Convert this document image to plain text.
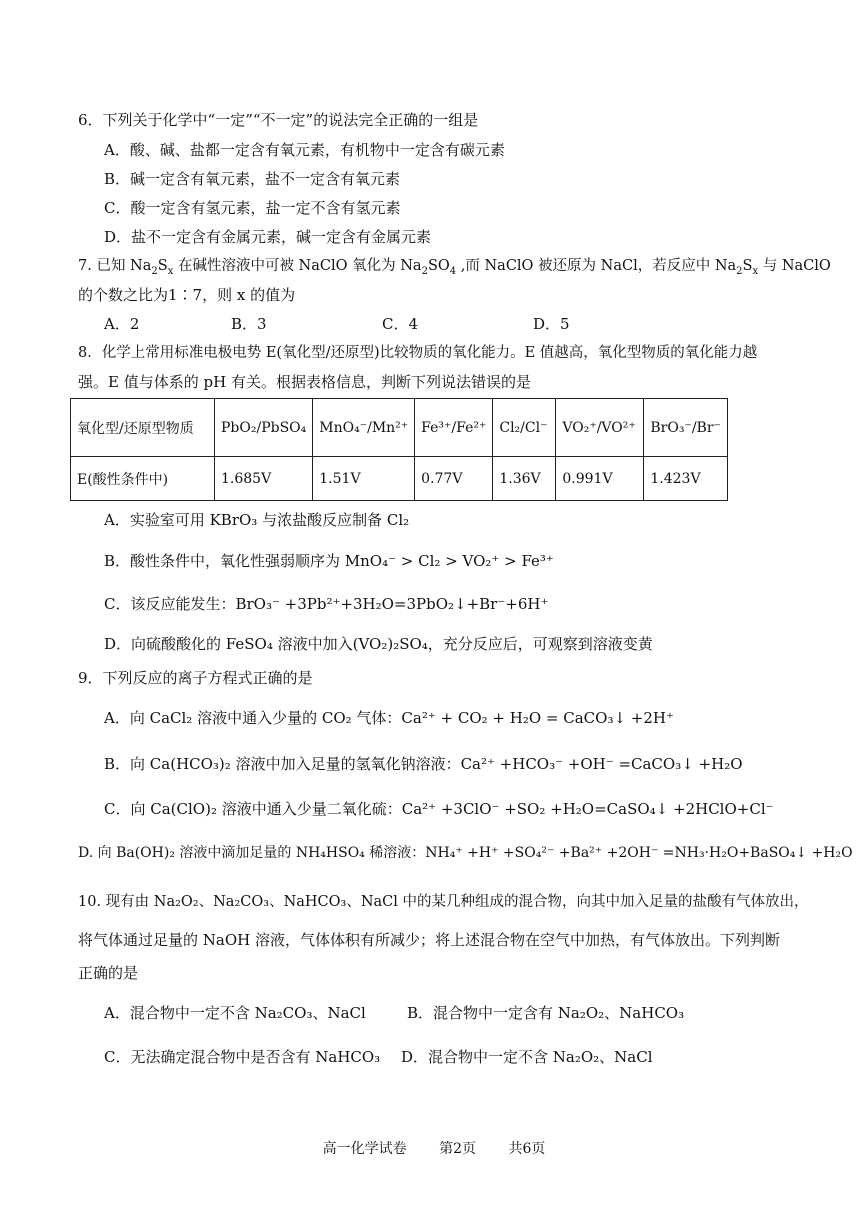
6．下列关于化学中“一定”“不一定”的说法完全正确的一组是
A．酸、碱、盐都一定含有氧元素，有机物中一定含有碳元素
B．碱一定含有氧元素，盐不一定含有氧元素
C．酸一定含有氢元素，盐一定不含有氢元素
D．盐不一定含有金属元素，碱一定含有金属元素
7. 已知 $Na_2S_x$ 在碱性溶液中可被 NaClO 氧化为 $Na_2SO_4$ ,而 NaClO 被还原为 NaCl，若反应中 $Na_2S_x$ 与 NaClO
的个数之比为1∶7，则 x 的值为
A．2	B．3	C．4	D．5
8．化学上常用标准电极电势 E(氧化型/还原型)比较物质的氧化能力。E 值越高，氧化型物质的氧化能力越
强。E 值与体系的 pH 有关。根据表格信息，判断下列说法错误的是
氧化型/还原型物质	PbO₂/PbSO₄	MnO₄⁻/Mn²⁺	Fe³⁺/Fe²⁺	Cl₂/Cl⁻	VO₂⁺/VO²⁺	BrO₃⁻/Br⁻
E(酸性条件中)	1.685V	1.51V	0.77V	1.36V	0.991V	1.423V
A．实验室可用 KBrO₃ 与浓盐酸反应制备 Cl₂
B．酸性条件中，氧化性强弱顺序为 MnO₄⁻ > Cl₂ > VO₂⁺ > Fe³⁺
C．该反应能发生：BrO₃⁻ +3Pb²⁺+3H₂O=3PbO₂↓+Br⁻+6H⁺
D．向硫酸酸化的 FeSO₄ 溶液中加入(VO₂)₂SO₄，充分反应后，可观察到溶液变黄
9．下列反应的离子方程式正确的是
A．向 CaCl₂ 溶液中通入少量的 CO₂ 气体：Ca²⁺ + CO₂ + H₂O = CaCO₃↓ +2H⁺
B．向 Ca(HCO₃)₂ 溶液中加入足量的氢氧化钠溶液：Ca²⁺ +HCO₃⁻ +OH⁻ =CaCO₃↓ +H₂O
C．向 Ca(ClO)₂ 溶液中通入少量二氧化硫：Ca²⁺ +3ClO⁻ +SO₂ +H₂O=CaSO₄↓ +2HClO+Cl⁻
D. 向 Ba(OH)₂ 溶液中滴加足量的 NH₄HSO₄ 稀溶液：NH₄⁺ +H⁺ +SO₄²⁻ +Ba²⁺ +2OH⁻ =NH₃·H₂O+BaSO₄↓ +H₂O
10. 现有由 Na₂O₂、Na₂CO₃、NaHCO₃、NaCl 中的某几种组成的混合物，向其中加入足量的盐酸有气体放出，
将气体通过足量的 NaOH 溶液，气体体积有所减少；将上述混合物在空气中加热，有气体放出。下列判断
正确的是
A．混合物中一定不含 Na₂CO₃、NaCl	B．混合物中一定含有 Na₂O₂、NaHCO₃
C．无法确定混合物中是否含有 NaHCO₃ D．混合物中一定不含 Na₂O₂、NaCl
高一化学试卷 第2页 共6页
